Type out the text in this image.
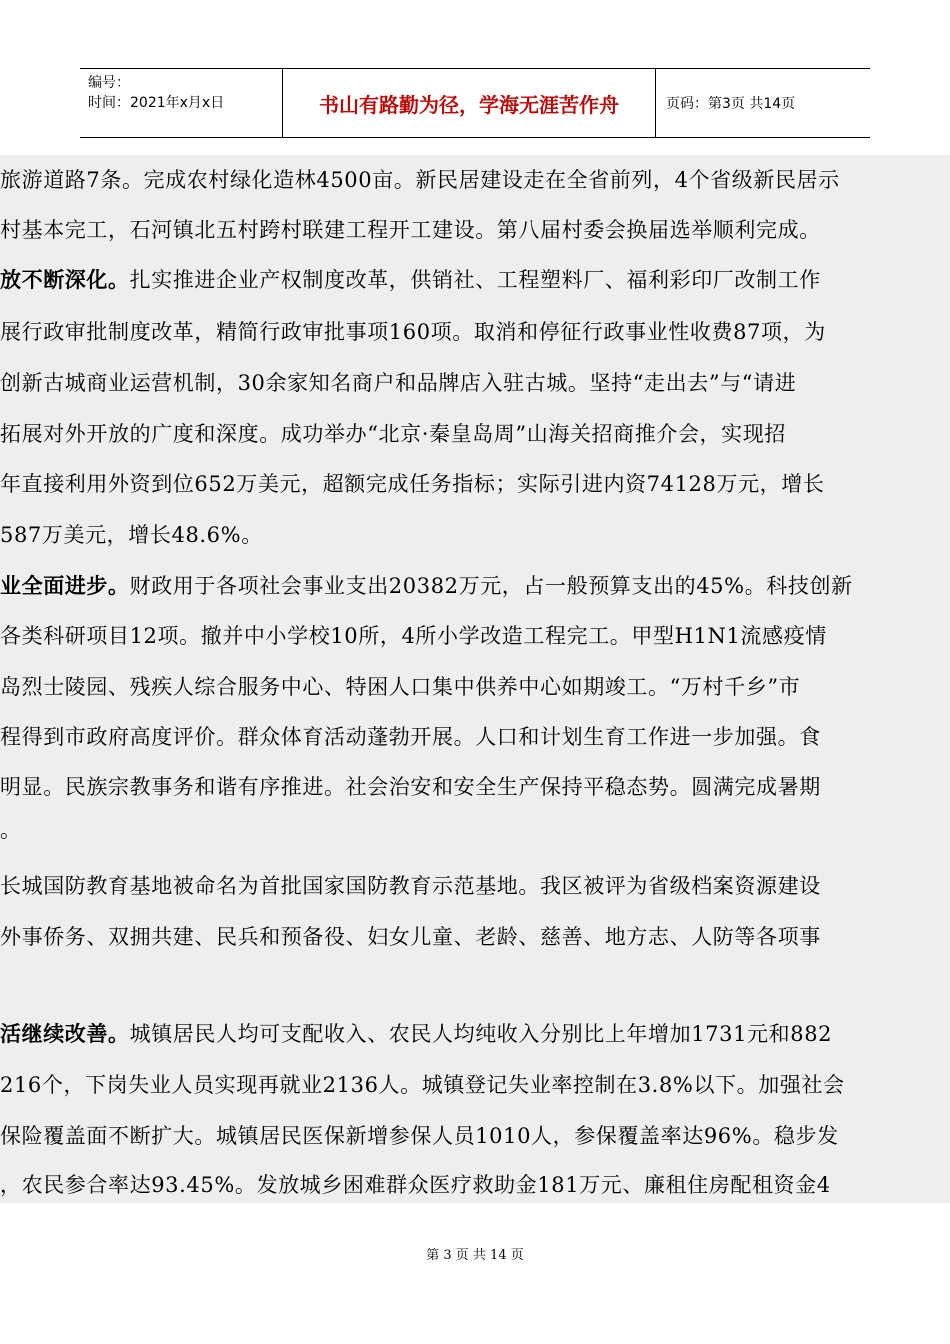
编号：
时间：2021年x月x日	书山有路勤为径，学海无涯苦作舟	页码：第3页 共14页
旅游道路7条。完成农村绿化造林4500亩。新民居建设走在全省前列，4个省级新民居示
村基本完工，石河镇北五村跨村联建工程开工建设。第八届村委会换届选举顺利完成。
放不断深化。扎实推进企业产权制度改革，供销社、工程塑料厂、福利彩印厂改制工作
展行政审批制度改革，精简行政审批事项160项。取消和停征行政事业性收费87项，为
创新古城商业运营机制，30余家知名商户和品牌店入驻古城。坚持“走出去”与“请进
拓展对外开放的广度和深度。成功举办“北京·秦皇岛周”山海关招商推介会，实现招
年直接利用外资到位652万美元，超额完成任务指标；实际引进内资74128万元，增长
587万美元，增长48.6%。
业全面进步。财政用于各项社会事业支出20382万元，占一般预算支出的45%。科技创新
各类科研项目12项。撤并中小学校10所，4所小学改造工程完工。甲型H1N1流感疫情
岛烈士陵园、残疾人综合服务中心、特困人口集中供养中心如期竣工。“万村千乡”市
程得到市政府高度评价。群众体育活动蓬勃开展。人口和计划生育工作进一步加强。食
明显。民族宗教事务和谐有序推进。社会治安和安全生产保持平稳态势。圆满完成暑期
。
长城国防教育基地被命名为首批国家国防教育示范基地。我区被评为省级档案资源建设
外事侨务、双拥共建、民兵和预备役、妇女儿童、老龄、慈善、地方志、人防等各项事
活继续改善。城镇居民人均可支配收入、农民人均纯收入分别比上年增加1731元和882
216个，下岗失业人员实现再就业2136人。城镇登记失业率控制在3.8%以下。加强社会
保险覆盖面不断扩大。城镇居民医保新增参保人员1010人，参保覆盖率达96%。稳步发
，农民参合率达93.45%。发放城乡困难群众医疗救助金181万元、廉租住房配租资金4
第 3 页 共 14 页
